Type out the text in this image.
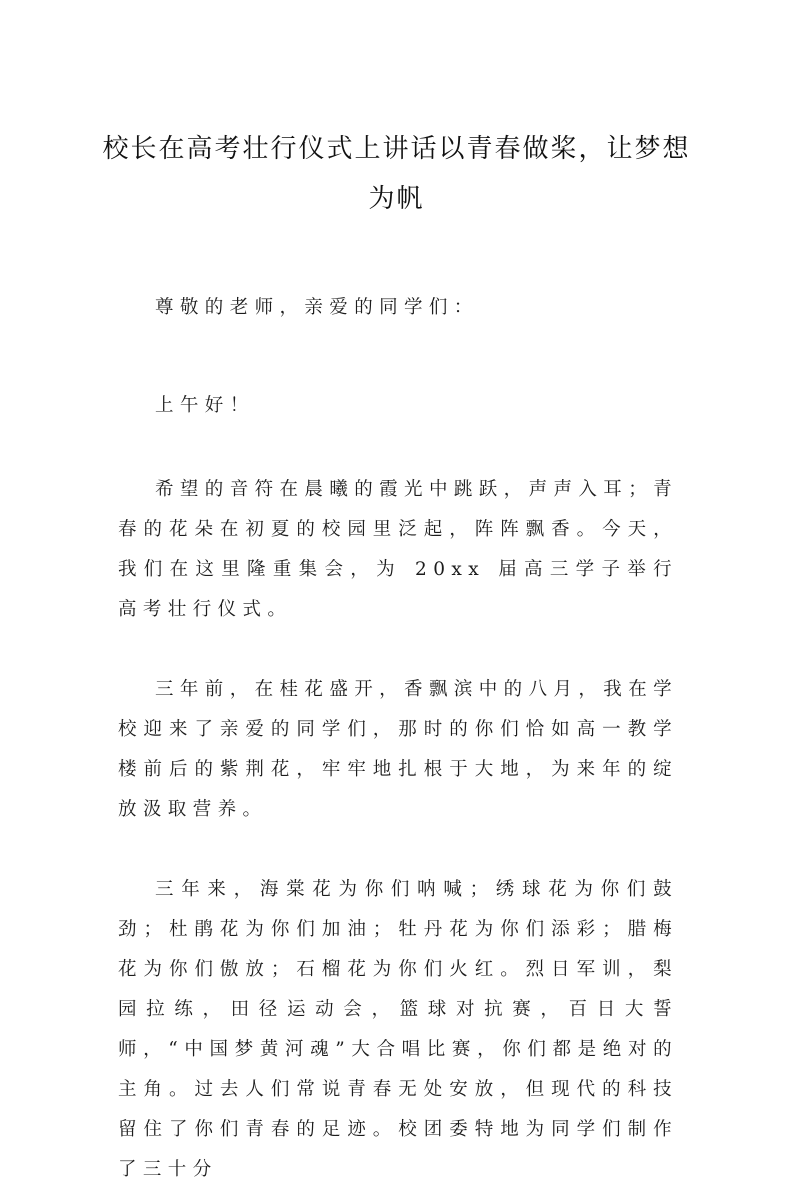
校长在高考壮行仪式上讲话以青春做桨，让梦想为帆

尊敬的老师，亲爱的同学们：

上午好！

希望的音符在晨曦的霞光中跳跃，声声入耳；青春的花朵在初夏的校园里泛起，阵阵飘香。今天，我们在这里隆重集会，为 20xx 届高三学子举行高考壮行仪式。

三年前，在桂花盛开，香飘滨中的八月，我在学校迎来了亲爱的同学们，那时的你们恰如高一教学楼前后的紫荆花，牢牢地扎根于大地，为来年的绽放汲取营养。

三年来，海棠花为你们呐喊；绣球花为你们鼓劲；杜鹃花为你们加油；牡丹花为你们添彩；腊梅花为你们傲放；石榴花为你们火红。烈日军训，梨园拉练，田径运动会，篮球对抗赛，百日大誓师，“中国梦黄河魂”大合唱比赛，你们都是绝对的主角。过去人们常说青春无处安放，但现代的科技留住了你们青春的足迹。校团委特地为同学们制作了三十分
